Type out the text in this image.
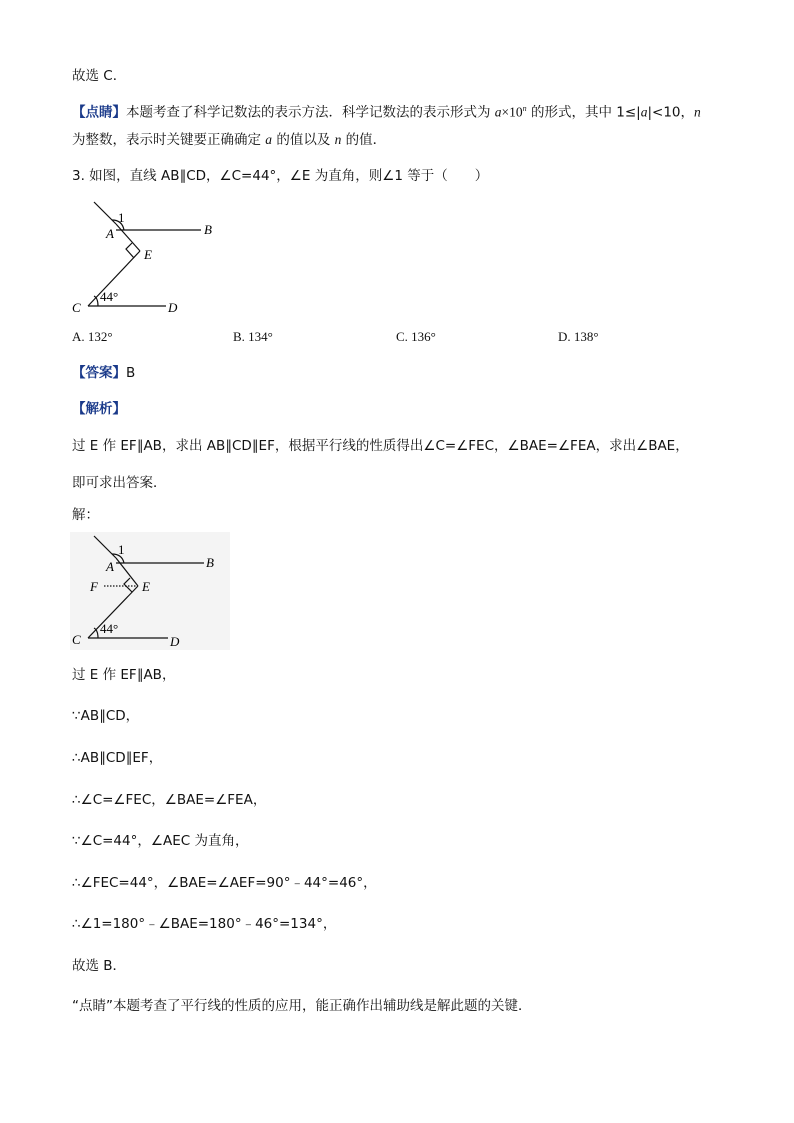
故选 C．
【点睛】本题考查了科学记数法的表示方法．科学记数法的表示形式为 $a\times 10^n$ 的形式，其中 1≤|a|<10，n
为整数，表示时关键要正确确定 a 的值以及 n 的值．
3. 如图，直线 AB∥CD，∠C=44°，∠E 为直角，则∠1 等于（　　）
1
A	B
E
C	D
44°
A. 132°	B. 134°	C. 136°	D. 138°
【答案】B
【解析】
过 E 作 EF∥AB，求出 AB∥CD∥EF，根据平行线的性质得出∠C=∠FEC，∠BAE=∠FEA，求出∠BAE，
即可求出答案．
解：
1
A	B
F	E
C	D
44°
过 E 作 EF∥AB，
∵AB∥CD，
∴AB∥CD∥EF，
∴∠C=∠FEC，∠BAE=∠FEA，
∵∠C=44°，∠AEC 为直角，
∴∠FEC=44°，∠BAE=∠AEF=90°﹣44°=46°，
∴∠1=180°﹣∠BAE=180°﹣46°=134°，
故选 B．
“点睛”本题考查了平行线的性质的应用，能正确作出辅助线是解此题的关键．
